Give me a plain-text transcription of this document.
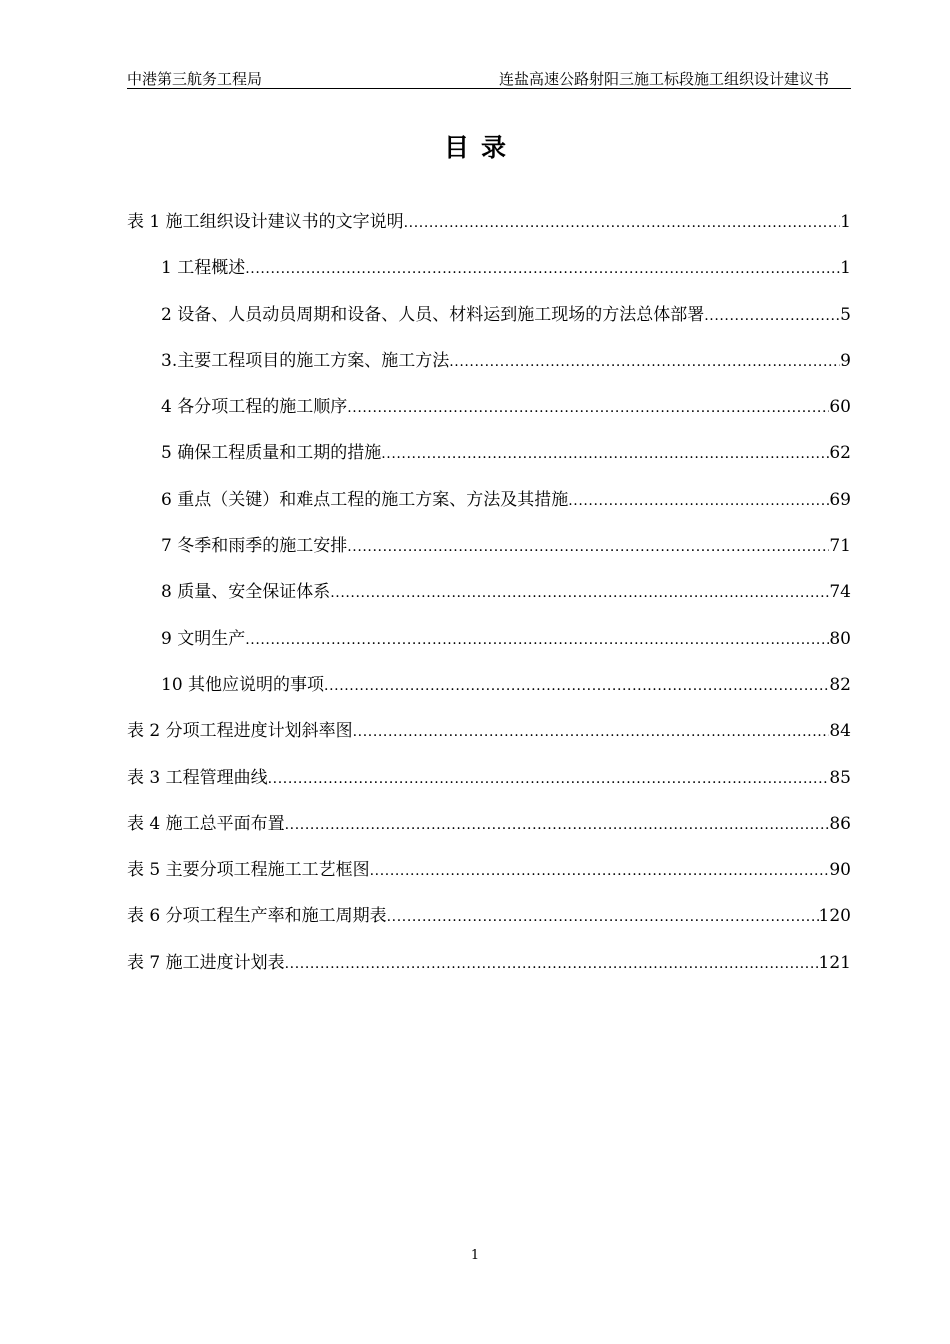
中港第三航务工程局	连盐高速公路射阳三施工标段施工组织设计建议书
目录
表 1 施工组织设计建议书的文字说明 .....	1
1 工程概述 .....	1
2 设备、人员动员周期和设备、人员、材料运到施工现场的方法总体部署 .....	5
3.主要工程项目的施工方案、施工方法 .....	9
4 各分项工程的施工顺序 .....	60
5 确保工程质量和工期的措施 .....	62
6 重点（关键）和难点工程的施工方案、方法及其措施 .....	69
7 冬季和雨季的施工安排 .....	71
8 质量、安全保证体系 .....	74
9 文明生产 .....	80
10 其他应说明的事项 .....	82
表 2 分项工程进度计划斜率图 .....	84
表 3 工程管理曲线 .....	85
表 4 施工总平面布置 .....	86
表 5 主要分项工程施工工艺框图 .....	90
表 6 分项工程生产率和施工周期表 .....	120
表 7 施工进度计划表 .....	121
1
